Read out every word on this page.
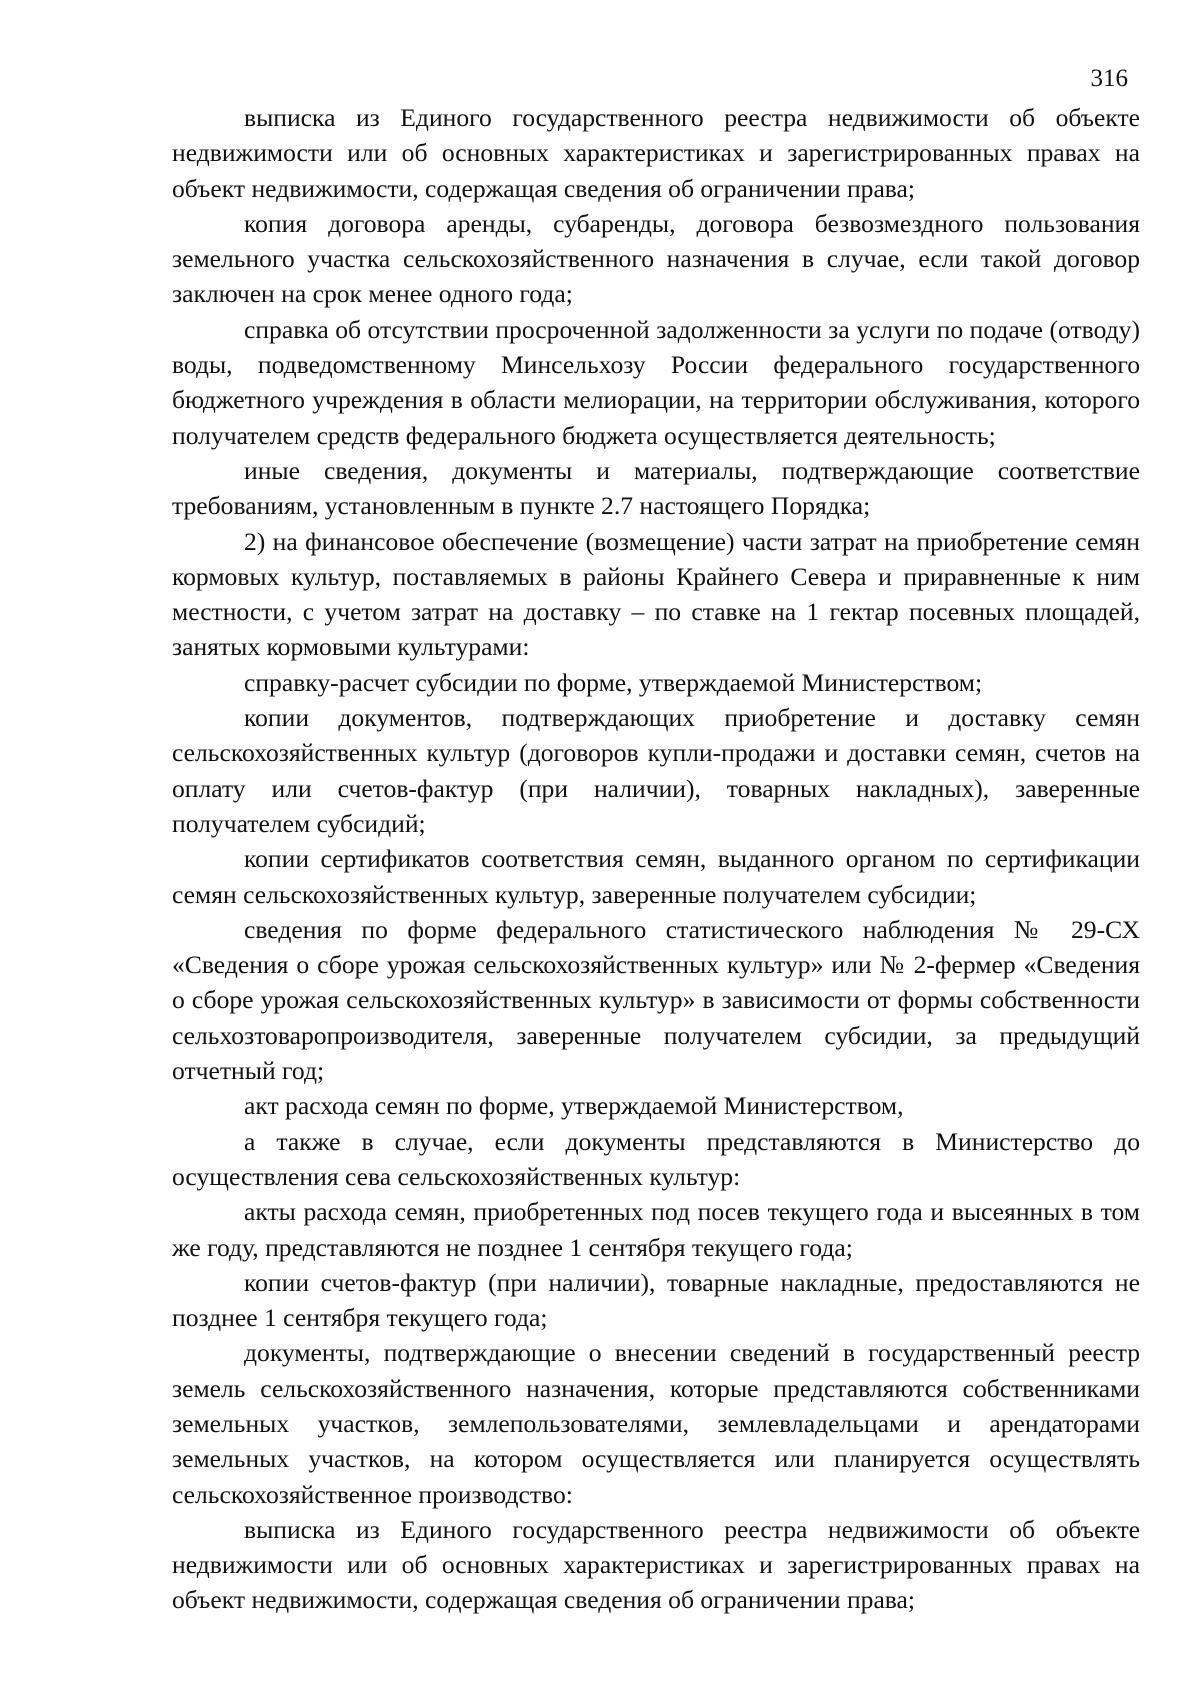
316

выписка из Единого государственного реестра недвижимости об объекте недвижимости или об основных характеристиках и зарегистрированных правах на объект недвижимости, содержащая сведения об ограничении права;

копия договора аренды, субаренды, договора безвозмездного пользования земельного участка сельскохозяйственного назначения в случае, если такой договор заключен на срок менее одного года;

справка об отсутствии просроченной задолженности за услуги по подаче (отводу) воды, подведомственному Минсельхозу России федерального государственного бюджетного учреждения в области мелиорации, на территории обслуживания, которого получателем средств федерального бюджета осуществляется деятельность;

иные сведения, документы и материалы, подтверждающие соответствие требованиям, установленным в пункте 2.7 настоящего Порядка;

2) на финансовое обеспечение (возмещение) части затрат на приобретение семян кормовых культур, поставляемых в районы Крайнего Севера и приравненные к ним местности, с учетом затрат на доставку – по ставке на 1 гектар посевных площадей, занятых кормовыми культурами:

справку-расчет субсидии по форме, утверждаемой Министерством;

копии документов, подтверждающих приобретение и доставку семян сельскохозяйственных культур (договоров купли-продажи и доставки семян, счетов на оплату или счетов-фактур (при наличии), товарных накладных), заверенные получателем субсидий;

копии сертификатов соответствия семян, выданного органом по сертификации семян сельскохозяйственных культур, заверенные получателем субсидии;

сведения по форме федерального статистического наблюдения № 29-СХ «Сведения о сборе урожая сельскохозяйственных культур» или № 2-фермер «Сведения о сборе урожая сельскохозяйственных культур» в зависимости от формы собственности сельхозтоваропроизводителя, заверенные получателем субсидии, за предыдущий отчетный год;

акт расхода семян по форме, утверждаемой Министерством,

а также в случае, если документы представляются в Министерство до осуществления сева сельскохозяйственных культур:

акты расхода семян, приобретенных под посев текущего года и высеянных в том же году, представляются не позднее 1 сентября текущего года;

копии счетов-фактур (при наличии), товарные накладные, предоставляются не позднее 1 сентября текущего года;

документы, подтверждающие о внесении сведений в государственный реестр земель сельскохозяйственного назначения, которые представляются собственниками земельных участков, землепользователями, землевладельцами и арендаторами земельных участков, на котором осуществляется или планируется осуществлять сельскохозяйственное производство:

выписка из Единого государственного реестра недвижимости об объекте недвижимости или об основных характеристиках и зарегистрированных правах на объект недвижимости, содержащая сведения об ограничении права;
